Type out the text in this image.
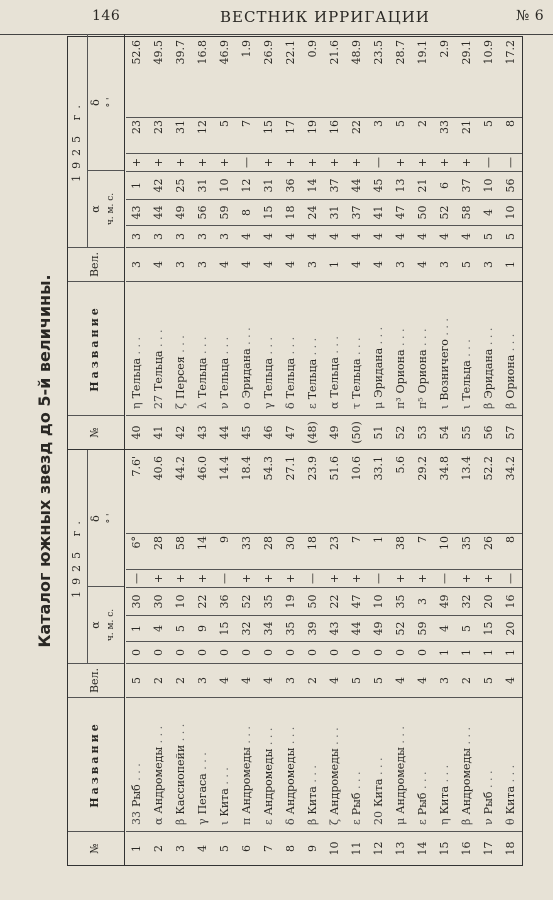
146	ВЕСТНИК ИРРИГАЦИИ	№ 6
Каталог южных звезд до 5-й величины.
№
Название
Вел.
1925 г.
α
δ
ч. м. с.
° '
1
33Рыб . . .
5
0
1
30
—
6°
7.6'
2
αАндромеды . . .
2
0
4
30
+
28
40.6
3
βКассиопейи . . .
2
0
5
10
+
58
44.2
4
γПегаса . . .
3
0
9
22
+
14
46.0
5
ιКита . . .
4
0
15
36
—
9
14.4
6
πАндромеды . . .
4
0
32
52
+
33
18.4
7
εАндромеды . . .
4
0
34
35
+
28
54.3
8
δАндромеды . . .
3
0
35
19
+
30
27.1
9
βКита . . .
2
0
39
50
—
18
23.9
10
ζАндромеды . . .
4
0
43
22
+
23
51.6
11
εРыб . . .
5
0
44
47
+
7
10.6
12
20Кита . . .
5
0
49
10
—
1
33.1
13
μАндромеды . . .
4
0
52
35
+
38
5.6
14
εРыб . . .
4
0
59
3
+
7
29.2
15
ηКита . . .
3
1
4
49
—
10
34.8
16
βАндромеды . . .
2
1
5
32
+
35
13.4
17
νРыб . . .
5
1
15
20
+
26
52.2
18
θКита . . .
4
1
20
16
—
8
34.2
№
Название
Вел.
1925 г.
α
δ
ч. м. с.
° '
40
ηТельца . . .
3
3
43
1
+
23
52.6
41
27Тельца . . .
4
3
44
42
+
23
49.5
42
ζПерсея . . .
3
3
49
25
+
31
39.7
43
λТельца . . .
3
3
56
31
+
12
16.8
44
νТельца . . .
4
3
59
10
+
5
46.9
45
οЭридана . . .
4
4
8
12
—
7
1.9
46
γТельца . . .
4
4
15
31
+
15
26.9
47
δТельца . . .
4
4
18
36
+
17
22.1
(48)
εТельца . . .
3
4
24
14
+
19
0.9
49
αТельца . . .
1
4
31
37
+
16
21.6
(50)
τТельца . . .
4
4
37
44
+
22
48.9
51
μЭридана . . .
4
4
41
45
—
3
23.5
52
π³Ориона . . .
3
4
47
13
+
5
28.7
53
π⁵Ориона . . .
4
4
50
21
+
2
19.1
54
ιВозничего . . .
3
4
52
6
+
33
2.9
55
ιТельца . . .
5
4
58
37
+
21
29.1
56
βЭридана . . .
3
5
4
10
—
5
10.9
57
βОриона . . .
1
5
10
56
—
8
17.2
